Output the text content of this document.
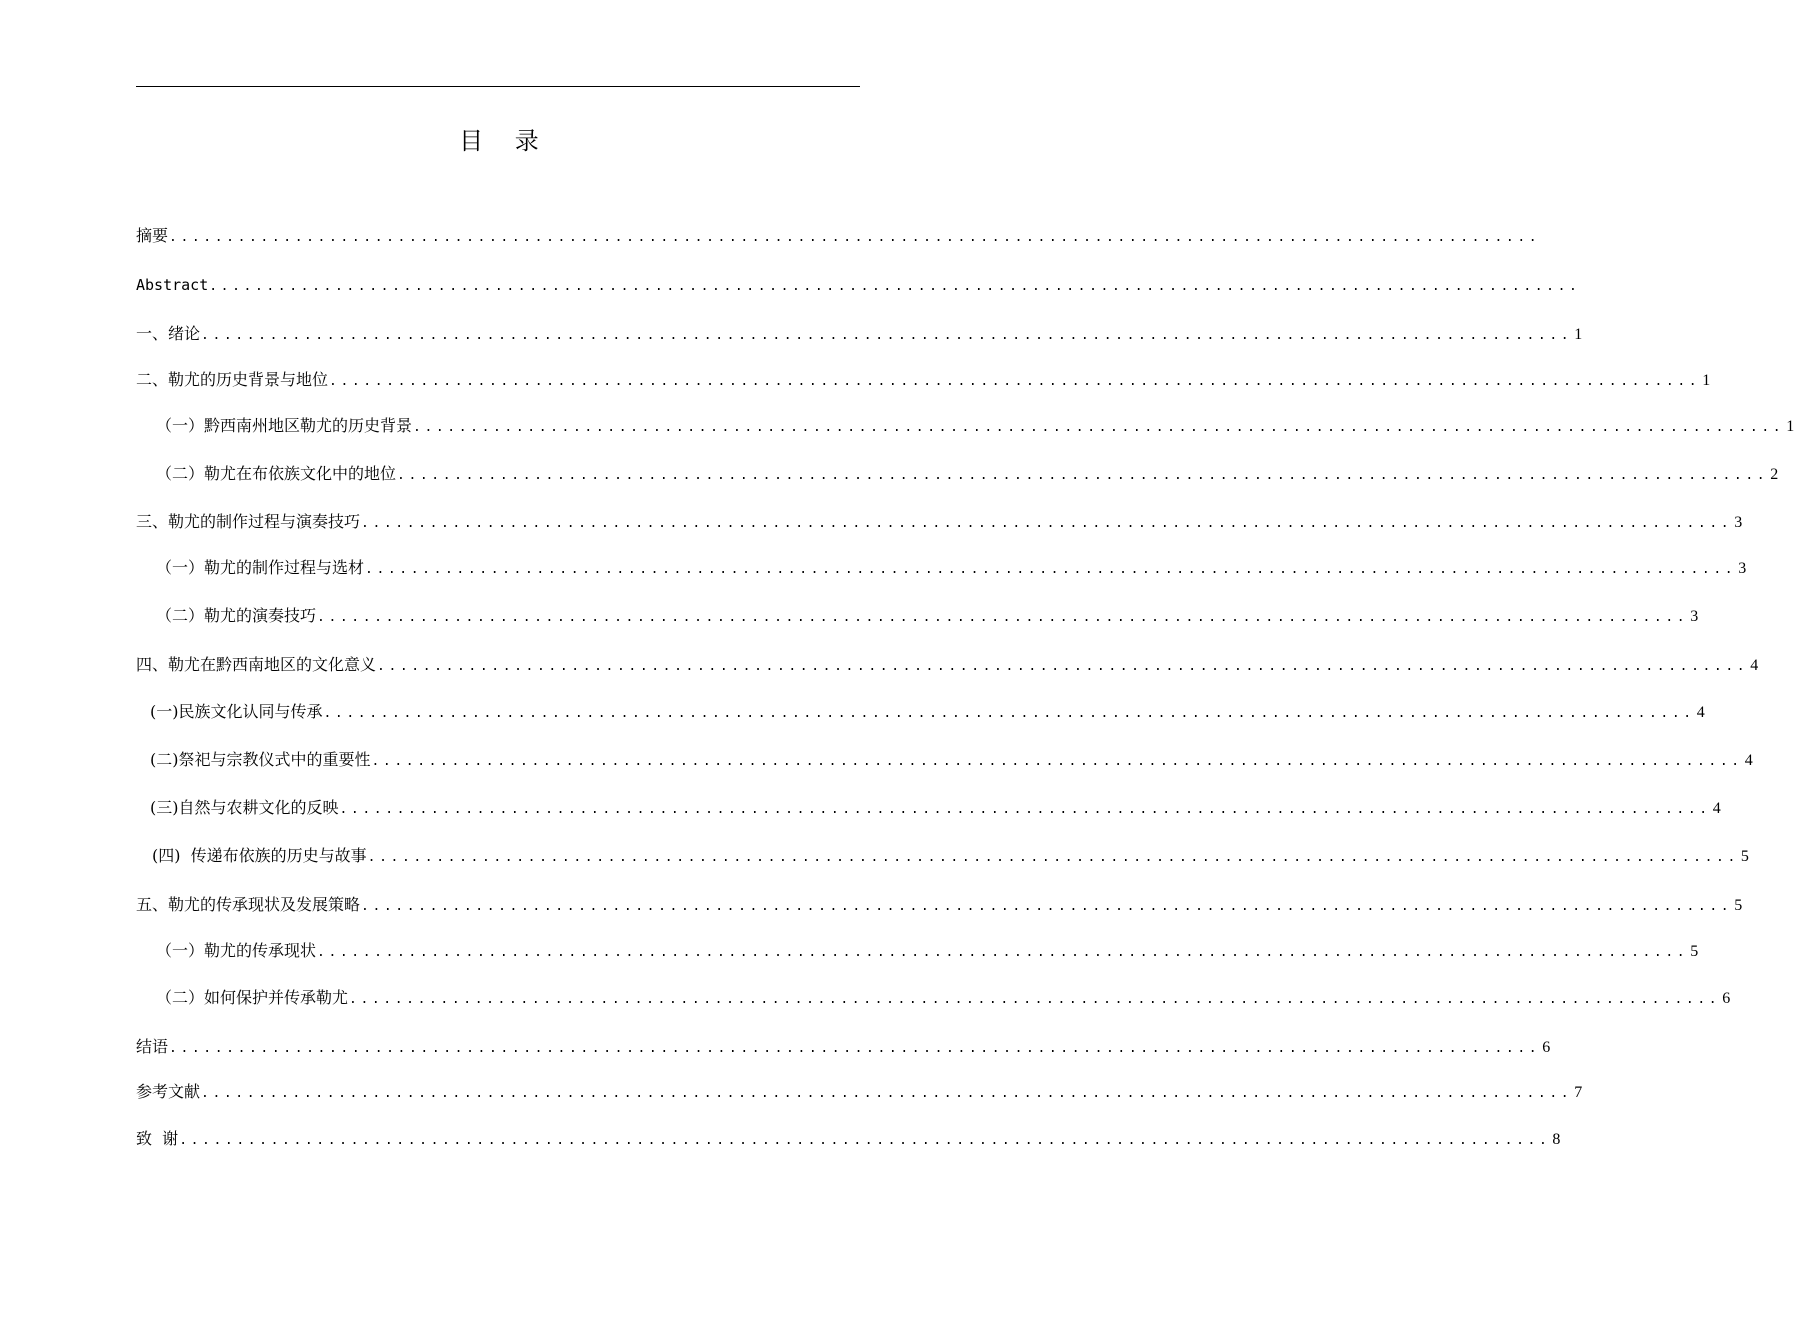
目 录
摘要 ........................................................................................................................
Abstract ........................................................................................................................
一、绪论 ........................................................................................................................ 1
二、勒尤的历史背景与地位 ........................................................................................................................ 1
（一）黔西南州地区勒尤的历史背景 ........................................................................................................................ 1
（二）勒尤在布依族文化中的地位 ........................................................................................................................ 2
三、勒尤的制作过程与演奏技巧 ........................................................................................................................ 3
（一）勒尤的制作过程与选材 ........................................................................................................................ 3
（二）勒尤的演奏技巧 ........................................................................................................................ 3
四、勒尤在黔西南地区的文化意义 ........................................................................................................................ 4
(一)民族文化认同与传承 ........................................................................................................................ 4
(二)祭祀与宗教仪式中的重要性 ........................................................................................................................ 4
(三)自然与农耕文化的反映 ........................................................................................................................ 4
(四)  传递布依族的历史与故事 ........................................................................................................................ 5
五、勒尤的传承现状及发展策略 ........................................................................................................................ 5
（一）勒尤的传承现状 ........................................................................................................................ 5
（二）如何保护并传承勒尤 ........................................................................................................................ 6
结语 ........................................................................................................................ 6
参考文献 ........................................................................................................................ 7
致  谢 ........................................................................................................................ 8
